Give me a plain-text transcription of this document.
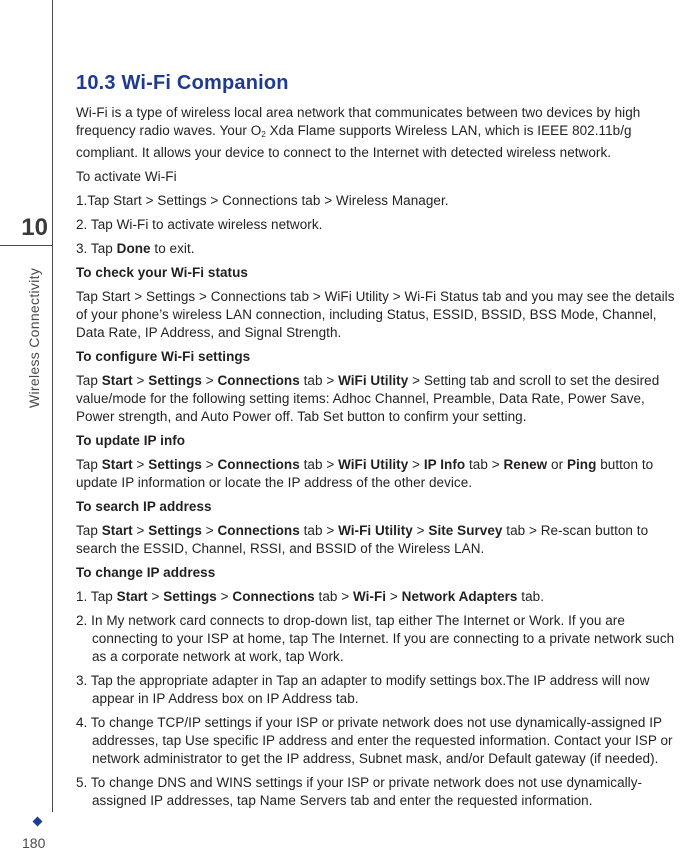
10
Wireless Connectivity
180
10.3 Wi-Fi Companion
Wi-Fi is a type of wireless local area network that communicates between two devices by high frequency radio waves. Your $O_2$ Xda Flame supports Wireless LAN, which is IEEE 802.11b/g compliant. It allows your device to connect to the Internet with detected wireless network.
To activate Wi-Fi
1.Tap Start > Settings > Connections tab > Wireless Manager.
2. Tap Wi-Fi to activate wireless network.
3. Tap Done to exit.
To check your Wi-Fi status
Tap Start > Settings > Connections tab > WiFi Utility > Wi-Fi Status tab and you may see the details of your phone’s wireless LAN connection, including Status, ESSID, BSSID, BSS Mode, Channel, Data Rate, IP Address, and Signal Strength.
To configure Wi-Fi settings
Tap Start > Settings > Connections tab > WiFi Utility > Setting tab and scroll to set the desired value/mode for the following setting items: Adhoc Channel, Preamble, Data Rate, Power Save, Power strength, and Auto Power off. Tab Set button to confirm your setting.
To update IP info
Tap Start > Settings > Connections tab > WiFi Utility > IP Info tab > Renew or Ping button to update IP information or locate the IP address of the other device.
To search IP address
Tap Start > Settings > Connections tab > Wi-Fi Utility > Site Survey tab > Re-scan button to search the ESSID, Channel, RSSI, and BSSID of the Wireless LAN.
To change IP address
1. Tap Start > Settings > Connections tab > Wi-Fi > Network Adapters tab.
2. In My network card connects to drop-down list, tap either The Internet or Work. If you are connecting to your ISP at home, tap The Internet. If you are connecting to a private network such as a corporate network at work, tap Work.
3. Tap the appropriate adapter in Tap an adapter to modify settings box.The IP address will now appear in IP Address box on IP Address tab.
4. To change TCP/IP settings if your ISP or private network does not use dynamically-assigned IP addresses, tap Use specific IP address and enter the requested information. Contact your ISP or network administrator to get the IP address, Subnet mask, and/or Default gateway (if needed).
5. To change DNS and WINS settings if your ISP or private network does not use dynamically-assigned IP addresses, tap Name Servers tab and enter the requested information.
